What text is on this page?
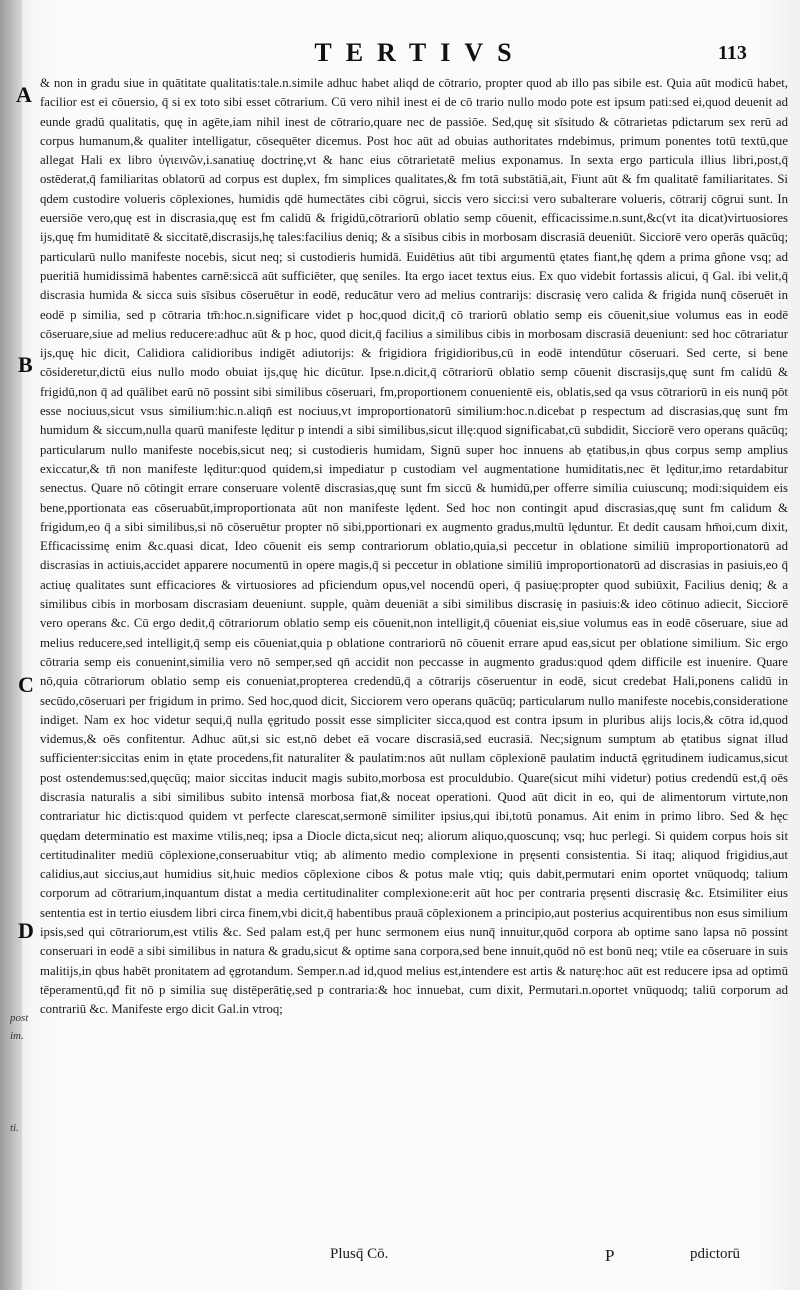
TERTIVS	113
A
B
C
D
post
im.
ti.

& non in gradu siue in quātitate qualitatis:tale.n.simile adhuc habet aliqd de cōtrario, propter quod ab illo pas sibile est. Quia aūt modicū habet, facilior est ei cōuersio, q̄ si ex toto sibi esset cōtrarium. Cū vero nihil inest ei de cō trario nullo modo pote est ipsum pati:sed ei,quod deuenit ad eunde gradū qualitatis, quę in agēte,iam nihil inest de cōtrario,quare nec de passiōe. Sed,quę sit sīsitudo & cōtrarietas pdictarum sex rerū ad corpus humanum,& qualiter intelligatur, cōsequēter dicemus. Post hoc aūt ad obuias authoritates rndebimus, primum ponentes totū textū,que allegat Hali ex libro ὑγιεινῶν,i.sanatiuę doctrinę,vt & hanc eius cōtrarietatē melius exponamus. In sexta ergo particula illius libri,post,q̄ ostēderat,q̄ familiaritas oblatorū ad corpus est duplex, fm simplices qualitates,& fm totā substātiā,ait, Fiunt aūt & fm qualitatē familiaritates. Si qdem custodire volueris cōplexiones, humidis qdē humectātes cibi cōgrui, siccis vero sicci:si vero subalterare volueris, cōtrarij cōgrui sunt. In euersiōe vero,quę est in discrasia,quę est fm calidū & frigidū,cōtrariorū oblatio semp cōuenit, efficacissime.n.sunt,&c(vt ita dicat)virtuosiores ijs,quę fm humiditatē & siccitatē,discrasijs,hę tales:facilius deniq; & a sīsibus cibis in morbosam discrasiā deueniūt. Sicciorē vero operās quācūq; particularū nullo manifeste nocebis, sicut neq; si custodieris humidā. Euidētius aūt tibi argumentū ętates fiant,hę qdem a prima gñone vsq; ad pueritiā humidissimā habentes carnē:siccā aūt sufficiēter, quę seniles. Ita ergo iacet textus eius. Ex quo videbit fortassis alicui, q̄ Gal. ibi velit,q̄ discrasia humida & sicca suis sīsibus cōseruētur in eodē, reducātur vero ad melius contrarijs: discrasię vero calida & frigida nunq̄ cōseruēt in eodē p similia, sed p cōtraria tm̄:hoc.n.significare videt p hoc,quod dicit,q̄ cō trariorū oblatio semp eis cōuenit,siue volumus eas in eodē cōseruare,siue ad melius reducere:adhuc aūt & p hoc, quod dicit,q̄ facilius a similibus cibis in morbosam discrasiā deueniunt: sed hoc cōtrariatur ijs,quę hic dicit, Calidiora calidioribus indigēt adiutorijs: & frigidiora frigidioribus,cū in eodē intendūtur cōseruari. Sed certe, si bene cōsideretur,dictū eius nullo modo obuiat ijs,quę hic dicūtur. Ipse.n.dicit,q̄ cōtrariorū oblatio semp cōuenit discrasijs,quę sunt fm calidū & frigidū,non q̄ ad quālibet earū nō possint sibi similibus cōseruari, fm,proportionem conuenientē eis, oblatis,sed qa vsus cōtrariorū in eis nunq̄ pōt esse nociuus,sicut vsus similium:hic.n.aliqn̄ est nociuus,vt improportionatorū similium:hoc.n.dicebat p respectum ad discrasias,quę sunt fm humidum & siccum,nulla quarū manifeste lęditur p intendi a sibi similibus,sicut illę:quod significabat,cū subdidit, Sicciorē vero operans quācūq; particularum nullo manifeste nocebis,sicut neq; si custodieris humidam, Signū super hoc innuens ab ętatibus,in qbus corpus semp amplius exiccatur,& tn̄ non manifeste lęditur:quod quidem,si impediatur p custodiam vel augmentatione humiditatis,nec ēt lęditur,imo retardabitur senectus. Quare nō cōtingit errare conseruare volentē discrasias,quę sunt fm siccū & humidū,per offerre similia cuiuscunq; modi:siquidem eis bene,pportionata eas cōseruabūt,improportionata aūt non manifeste lędent. Sed hoc non contingit apud discrasias,quę sunt fm calidum & frigidum,eo q̄ a sibi similibus,si nō cōseruētur propter nō sibi,pportionari ex augmento gradus,multū lęduntur. Et dedit causam hm̄oi,cum dixit, Efficacissimę enim &c.quasi dicat, Ideo cōuenit eis semp contrariorum oblatio,quia,si peccetur in oblatione similiū improportionatorū ad discrasias in actiuis,accidet apparere nocumentū in opere magis,q̄ si peccetur in oblatione similiū improportionatorū ad discrasias in pasiuis,eo q̄ actiuę qualitates sunt efficaciores & virtuosiores ad pficiendum opus,vel nocendū operi, q̄ pasiuę:propter quod subiūxit, Facilius deniq; & a similibus cibis in morbosam discrasiam deueniunt. supple, quàm deueniāt a sibi similibus discrasię in pasiuis:& ideo cōtinuo adiecit, Sicciorē vero operans &c. Cū ergo dedit,q̄ cōtrariorum oblatio semp eis cōuenit,non intelligit,q̄ cōueniat eis,siue volumus eas in eodē cōseruare, siue ad melius reducere,sed intelligit,q̄ semp eis cōueniat,quia p oblatione contrariorū nō cōuenit errare apud eas,sicut per oblatione similium. Sic ergo cōtraria semp eis conuenint,similia vero nō semper,sed qn̄ accidit non peccasse in augmento gradus:quod qdem difficile est inuenire. Quare nō,quia cōtrariorum oblatio semp eis conueniat,propterea credendū,q̄ a cōtrarijs cōseruentur in eodē, sicut credebat Hali,ponens calidū in secūdo,cōseruari per frigidum in primo. Sed hoc,quod dicit, Sicciorem vero operans quācūq; particularum nullo manifeste nocebis,consideratione indiget. Nam ex hoc videtur sequi,q̄ nulla ęgritudo possit esse simpliciter sicca,quod est contra ipsum in pluribus alijs locis,& cōtra id,quod videmus,& oēs confitentur. Adhuc aūt,si sic est,nō debet eā vocare discrasiā,sed eucrasiā. Nec;signum sumptum ab ętatibus signat illud sufficienter:siccitas enim in ętate procedens,fit naturaliter & paulatim:nos aūt nullam cōplexionē paulatim inductā ęgritudinem iudicamus,sicut post ostendemus:sed,quęcūq; maior siccitas inducit magis subito,morbosa est proculdubio. Quare(sicut mihi videtur) potius credendū est,q̄ oēs discrasia naturalis a sibi similibus subito intensā morbosa fiat,& noceat operationi. Quod aūt dicit in eo, qui de alimentorum virtute,non contrariatur hic dictis:quod quidem vt perfecte clarescat,sermonē similiter ipsius,qui ibi,totū ponamus. Ait enim in primo libro. Sed & hęc quędam determinatio est maxime vtilis,neq; ipsa a Diocle dicta,sicut neq; aliorum aliquo,quoscunq; vsq; huc perlegi. Si quidem corpus hois sit certitudinaliter mediū cōplexione,conseruabitur vtiq; ab alimento medio complexione in pręsenti consistentia. Si itaq; aliquod frigidius,aut calidius,aut siccius,aut humidius sit,huic medios cōplexione cibos & potus male vtiq; quis dabit,permutari enim oportet vnūquodq; talium corporum ad cōtrarium,inquantum distat a media certitudinaliter complexione:erit aūt hoc per contraria pręsenti discrasię &c. Etsimiliter eius sententia est in tertio eiusdem libri circa finem,vbi dicit,q̄ habentibus prauā cōplexionem a principio,aut posterius acquirentibus non esus similium ipsis,sed qui cōtrariorum,est vtilis &c. Sed palam est,q̄ per hunc sermonem eius nunq̄ innuitur,quōd corpora ab optime sano lapsa nō possint conseruari in eodē a sibi similibus in natura & gradu,sicut & optime sana corpora,sed bene innuit,quōd nō est bonū neq; vtile ea cōseruare in suis malitijs,in qbus habēt pronitatem ad ęgrotandum. Semper.n.ad id,quod melius est,intendere est artis & naturę:hoc aūt est reducere ipsa ad optimū tēperamentū,qđ fit nō p similia suę distēperātię,sed p contraria:& hoc innuebat, cum dixit, Permutari.n.oportet vnūquodq; taliū corporum ad contrariū &c. Manifeste ergo dicit Gal.in vtroq;

Plusq̄ Cō.	P	pdictorū
